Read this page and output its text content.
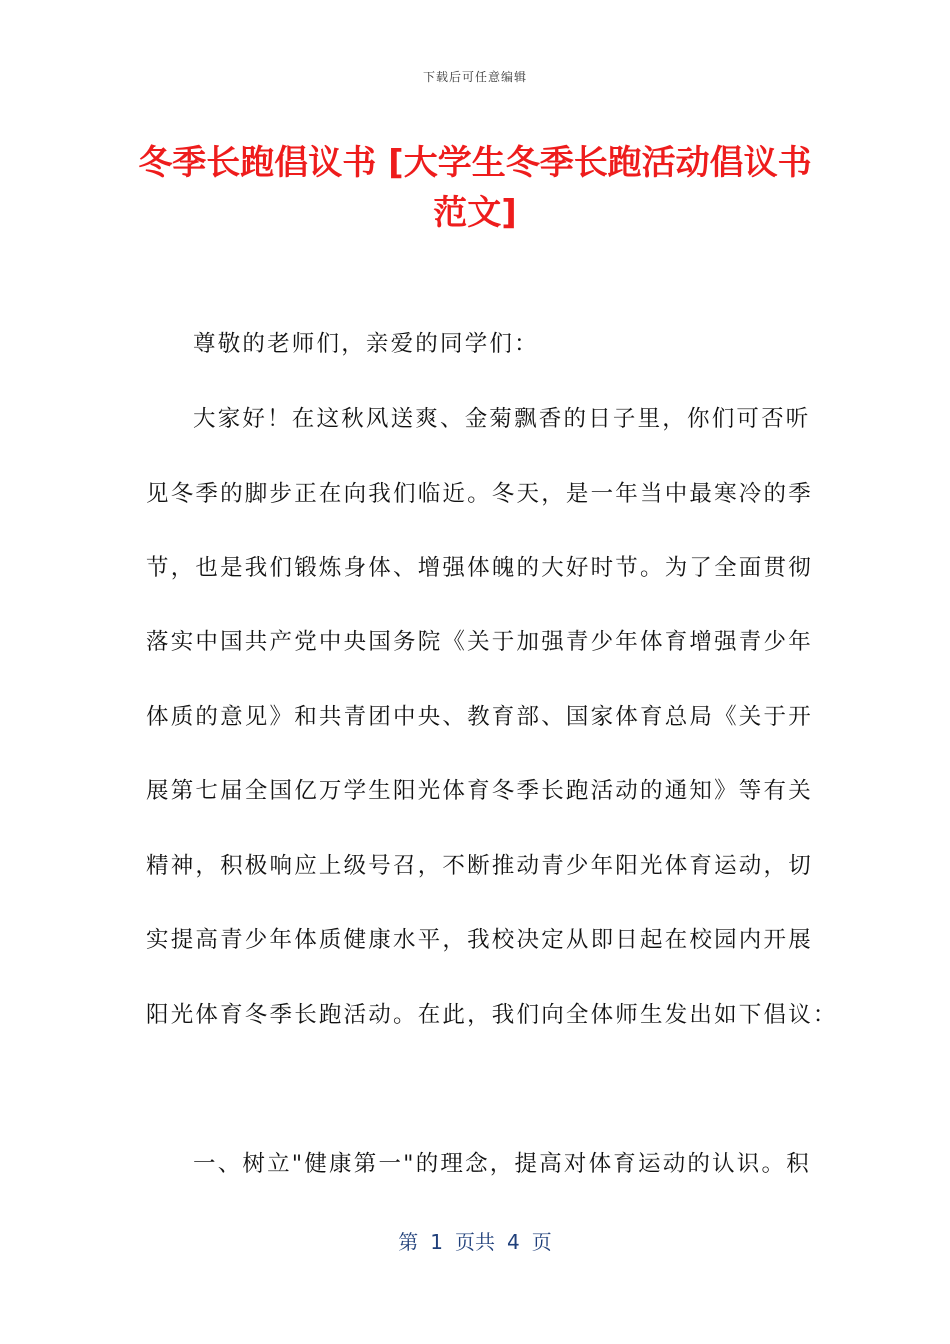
下载后可任意编辑
冬季长跑倡议书 [大学生冬季长跑活动倡议书
范文]
尊敬的老师们，亲爱的同学们：
大家好！在这秋风送爽、金菊飘香的日子里，你们可否听
见冬季的脚步正在向我们临近。冬天，是一年当中最寒冷的季
节，也是我们锻炼身体、增强体魄的大好时节。为了全面贯彻
落实中国共产党中央国务院《关于加强青少年体育增强青少年
体质的意见》和共青团中央、教育部、国家体育总局《关于开
展第七届全国亿万学生阳光体育冬季长跑活动的通知》等有关
精神，积极响应上级号召，不断推动青少年阳光体育运动，切
实提高青少年体质健康水平，我校决定从即日起在校园内开展
阳光体育冬季长跑活动。在此，我们向全体师生发出如下倡议：
一、树立"健康第一"的理念，提高对体育运动的认识。积
第 1 页共 4 页
